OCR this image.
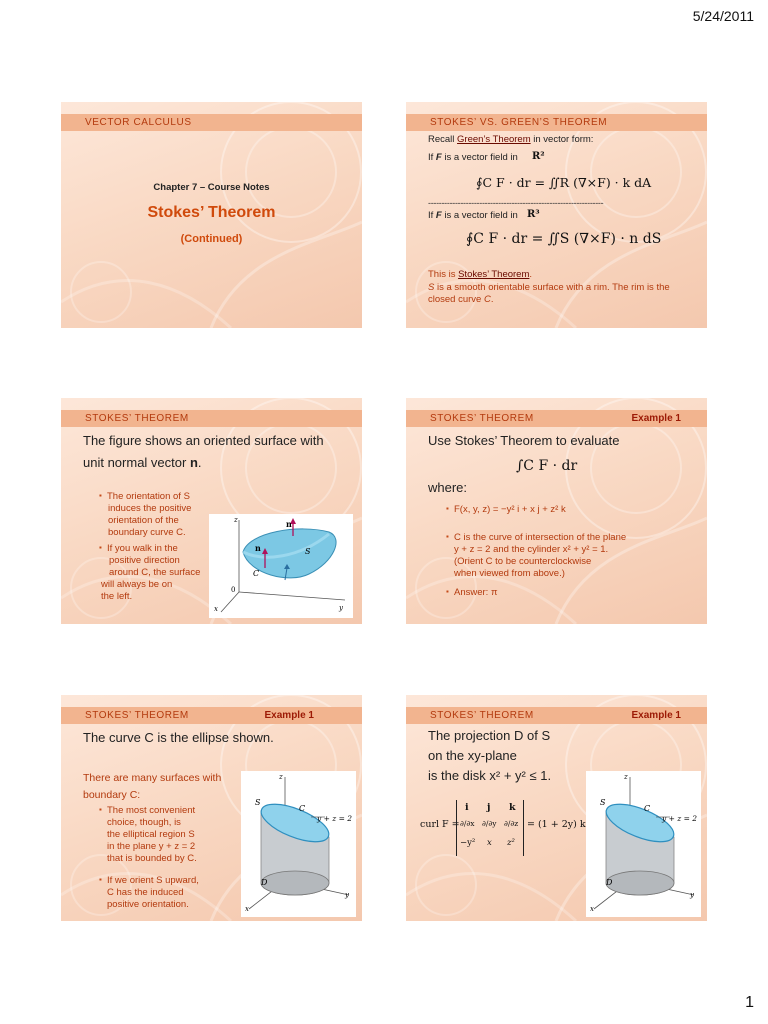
5/24/2011
VECTOR CALCULUS
Chapter 7 – Course Notes
Stokes’ Theorem
(Continued)
STOKES’ VS. GREEN’S THEOREM
Recall Green’s Theorem in vector form:
If F is a vector field in R²
∮C F · dr = ∬R (∇×F) · k dA
-----------------------------------------------------------------
If F is a vector field in R³
∮C F · dr = ∬S (∇×F) · n dS
This is Stokes’ Theorem.
S is a smooth orientable surface with a rim. The rim is the closed curve C.
STOKES’ THEOREM
The figure shows an oriented surface with
unit normal vector n.
▪ The orientation of S
induces the positive
orientation of the
boundary curve C.
▪ If you walk in the
positive direction
around C, the surface
will always be on
the left.
n
n	S
C
z
y
x
0
STOKES’ THEOREM	Example 1
Use Stokes’ Theorem to evaluate
∫C F · dr
where:
▪ F(x, y, z) = −y² i + x j + z² k
▪ C is the curve of intersection of the plane
y + z = 2 and the cylinder x² + y² = 1.
(Orient C to be counterclockwise
when viewed from above.)
▪ Answer: π
STOKES’ THEOREM	Example 1
The curve C is the ellipse shown.
There are many surfaces with
boundary C:
▪ The most convenient
choice, though, is
the elliptical region S
in the plane y + z = 2
that is bounded by C.
▪ If we orient S upward,
C has the induced
positive orientation.
S
C
y + z = 2
z
D
y
x
STOKES’ THEOREM	Example 1
The projection D of S
on the xy-plane
is the disk x² + y² ≤ 1.
curl F =
i j k
∂/∂x ∂/∂y ∂/∂z
−y² x z²
= (1 + 2y) k
S
C
y + z = 2
z
D
y
x
1
